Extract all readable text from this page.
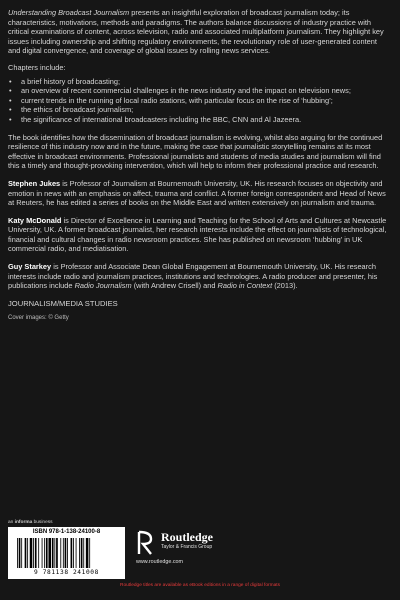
Understanding Broadcast Journalism presents an insightful exploration of broadcast journalism today; its characteristics, motivations, methods and paradigms. The authors balance discussions of industry practice with critical examinations of content, across television, radio and associated multiplatform journalism. They highlight key issues including ownership and shifting regulatory environments, the revolutionary role of user-generated content and digital convergence, and coverage of global issues by rolling news services.

Chapters include:

• a brief history of broadcasting;
• an overview of recent commercial challenges in the news industry and the impact on television news;
• current trends in the running of local radio stations, with particular focus on the rise of ‘hubbing’;
• the ethics of broadcast journalism;
• the significance of international broadcasters including the BBC, CNN and Al Jazeera.

The book identifies how the dissemination of broadcast journalism is evolving, whilst also arguing for the continued resilience of this industry now and in the future, making the case that journalistic storytelling remains at its most effective in broadcast environments. Professional journalists and students of media studies and journalism will find this a timely and thought-provoking intervention, which will help to inform their professional practice and research.

Stephen Jukes is Professor of Journalism at Bournemouth University, UK. His research focuses on objectivity and emotion in news with an emphasis on affect, trauma and conflict. A former foreign correspondent and Head of News at Reuters, he has edited a series of books on the Middle East and written extensively on journalism and trauma.

Katy McDonald is Director of Excellence in Learning and Teaching for the School of Arts and Cultures at Newcastle University, UK. A former broadcast journalist, her research interests include the effect on journalists of technological, financial and cultural changes in radio newsroom practices. She has published on newsroom ‘hubbing’ in UK commercial radio, and mediatisation.

Guy Starkey is Professor and Associate Dean Global Engagement at Bournemouth University, UK. His research interests include radio and journalism practices, institutions and technologies. A radio producer and presenter, his publications include Radio Journalism (with Andrew Crisell) and Radio in Context (2013).

JOURNALISM/MEDIA STUDIES

Cover images: © Getty

an informa business
ISBN 978-1-138-24100-8
9 781138 241008
Routledge
Taylor & Francis Group
www.routledge.com
Routledge titles are available as eBook editions in a range of digital formats
